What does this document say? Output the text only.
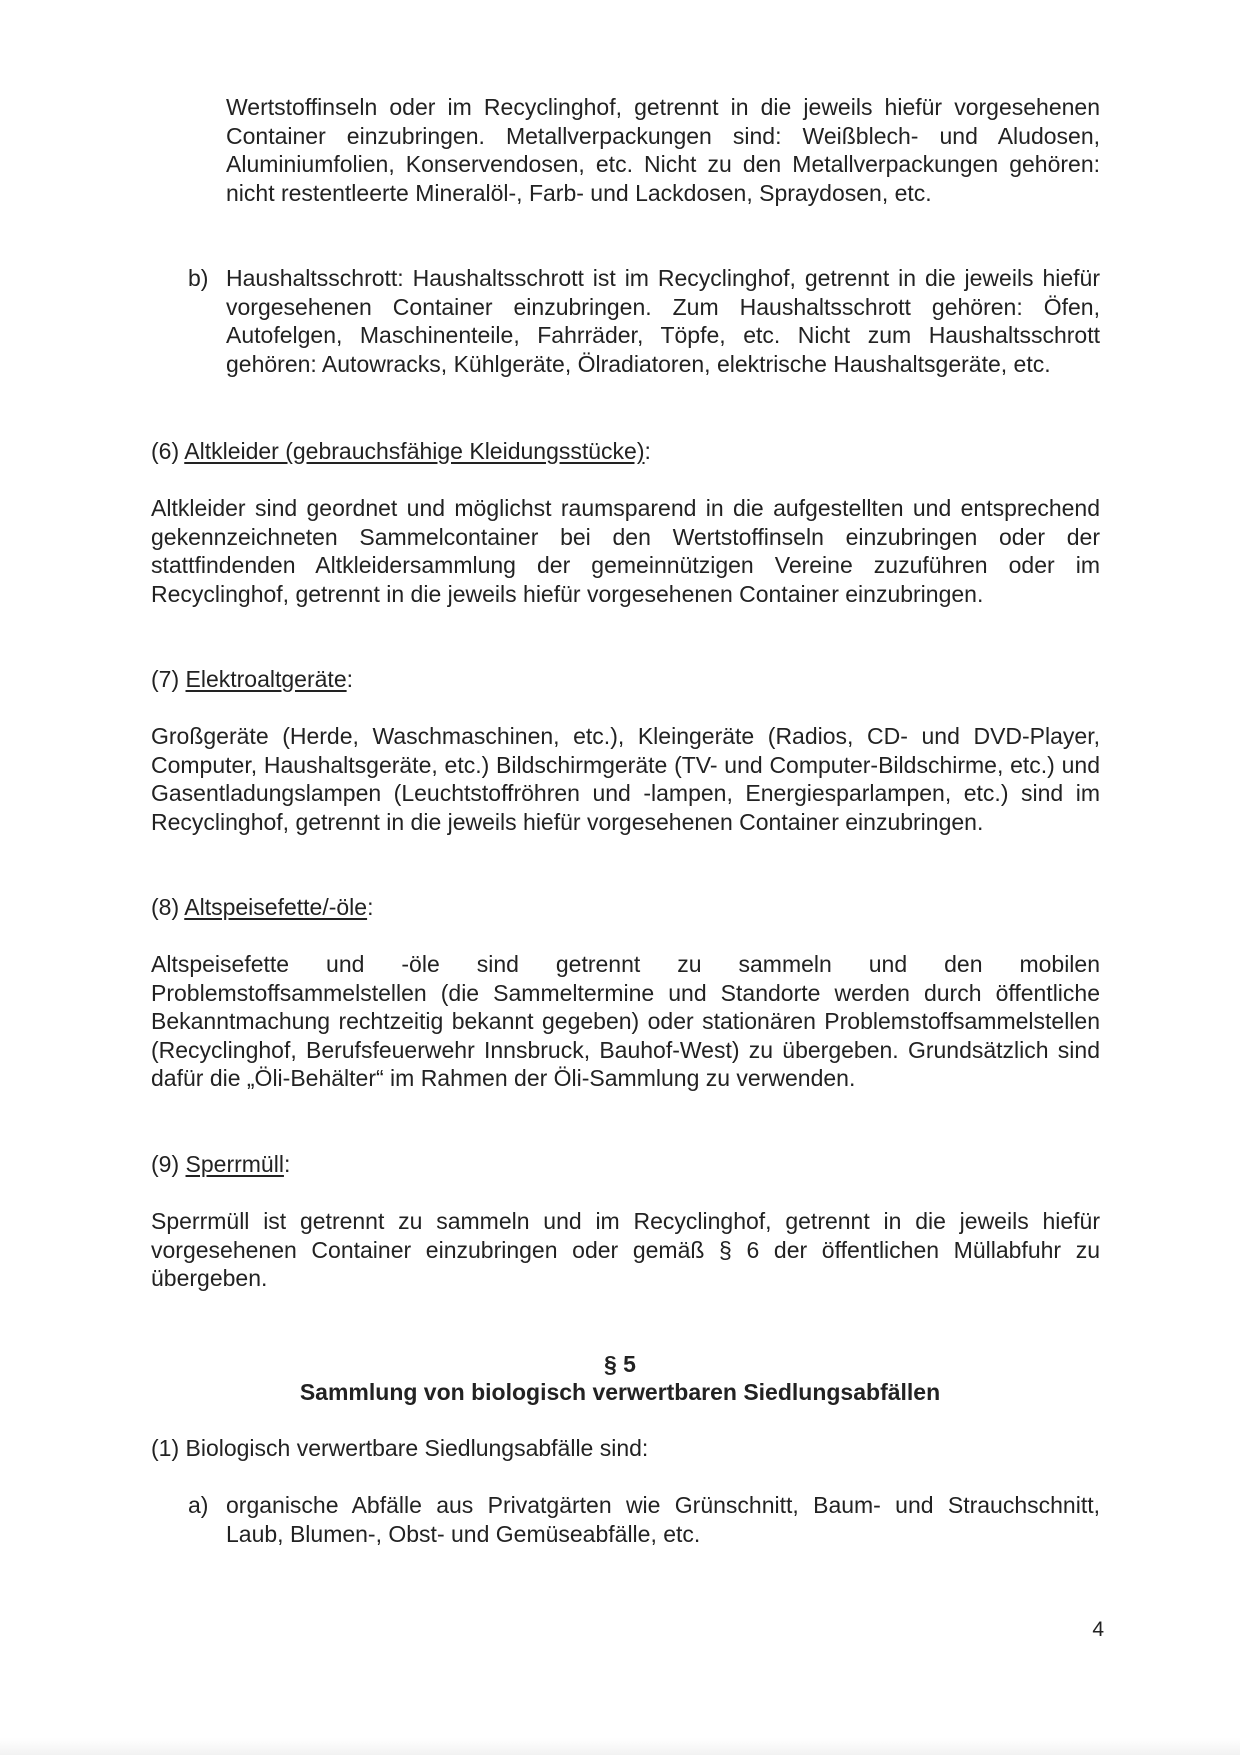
Wertstoffinseln oder im Recyclinghof, getrennt in die jeweils hiefür vorgesehenen Container einzubringen. Metallverpackungen sind: Weißblech- und Aludosen, Aluminiumfolien, Konservendosen, etc. Nicht zu den Metallverpackungen gehören: nicht restentleerte Mineralöl-, Farb- und Lackdosen, Spraydosen, etc.

b) Haushaltsschrott: Haushaltsschrott ist im Recyclinghof, getrennt in die jeweils hiefür vorgesehenen Container einzubringen. Zum Haushaltsschrott gehören: Öfen, Autofelgen, Maschinenteile, Fahrräder, Töpfe, etc. Nicht zum Haushaltsschrott gehören: Autowracks, Kühlgeräte, Ölradiatoren, elektrische Haushaltsgeräte, etc.

(6) Altkleider (gebrauchsfähige Kleidungsstücke):

Altkleider sind geordnet und möglichst raumsparend in die aufgestellten und entsprechend gekennzeichneten Sammelcontainer bei den Wertstoffinseln einzubringen oder der stattfindenden Altkleidersammlung der gemeinnützigen Vereine zuzuführen oder im Recyclinghof, getrennt in die jeweils hiefür vorgesehenen Container einzubringen.

(7) Elektroaltgeräte:

Großgeräte (Herde, Waschmaschinen, etc.), Kleingeräte (Radios, CD- und DVD-Player, Computer, Haushaltsgeräte, etc.) Bildschirmgeräte (TV- und Computer-Bildschirme, etc.) und Gasentladungslampen (Leuchtstoffröhren und -lampen, Energiesparlampen, etc.) sind im Recyclinghof, getrennt in die jeweils hiefür vorgesehenen Container einzubringen.

(8) Altspeisefette/-öle:

Altspeisefette und -öle sind getrennt zu sammeln und den mobilen Problemstoffsammelstellen (die Sammeltermine und Standorte werden durch öffentliche Bekanntmachung rechtzeitig bekannt gegeben) oder stationären Problemstoffsammelstellen (Recyclinghof, Berufsfeuerwehr Innsbruck, Bauhof-West) zu übergeben. Grundsätzlich sind dafür die „Öli-Behälter“ im Rahmen der Öli-Sammlung zu verwenden.

(9) Sperrmüll:

Sperrmüll ist getrennt zu sammeln und im Recyclinghof, getrennt in die jeweils hiefür vorgesehenen Container einzubringen oder gemäß § 6 der öffentlichen Müllabfuhr zu übergeben.

§ 5
Sammlung von biologisch verwertbaren Siedlungsabfällen
(1) Biologisch verwertbare Siedlungsabfälle sind:
a) organische Abfälle aus Privatgärten wie Grünschnitt, Baum- und Strauchschnitt, Laub, Blumen-, Obst- und Gemüseabfälle, etc.

4
